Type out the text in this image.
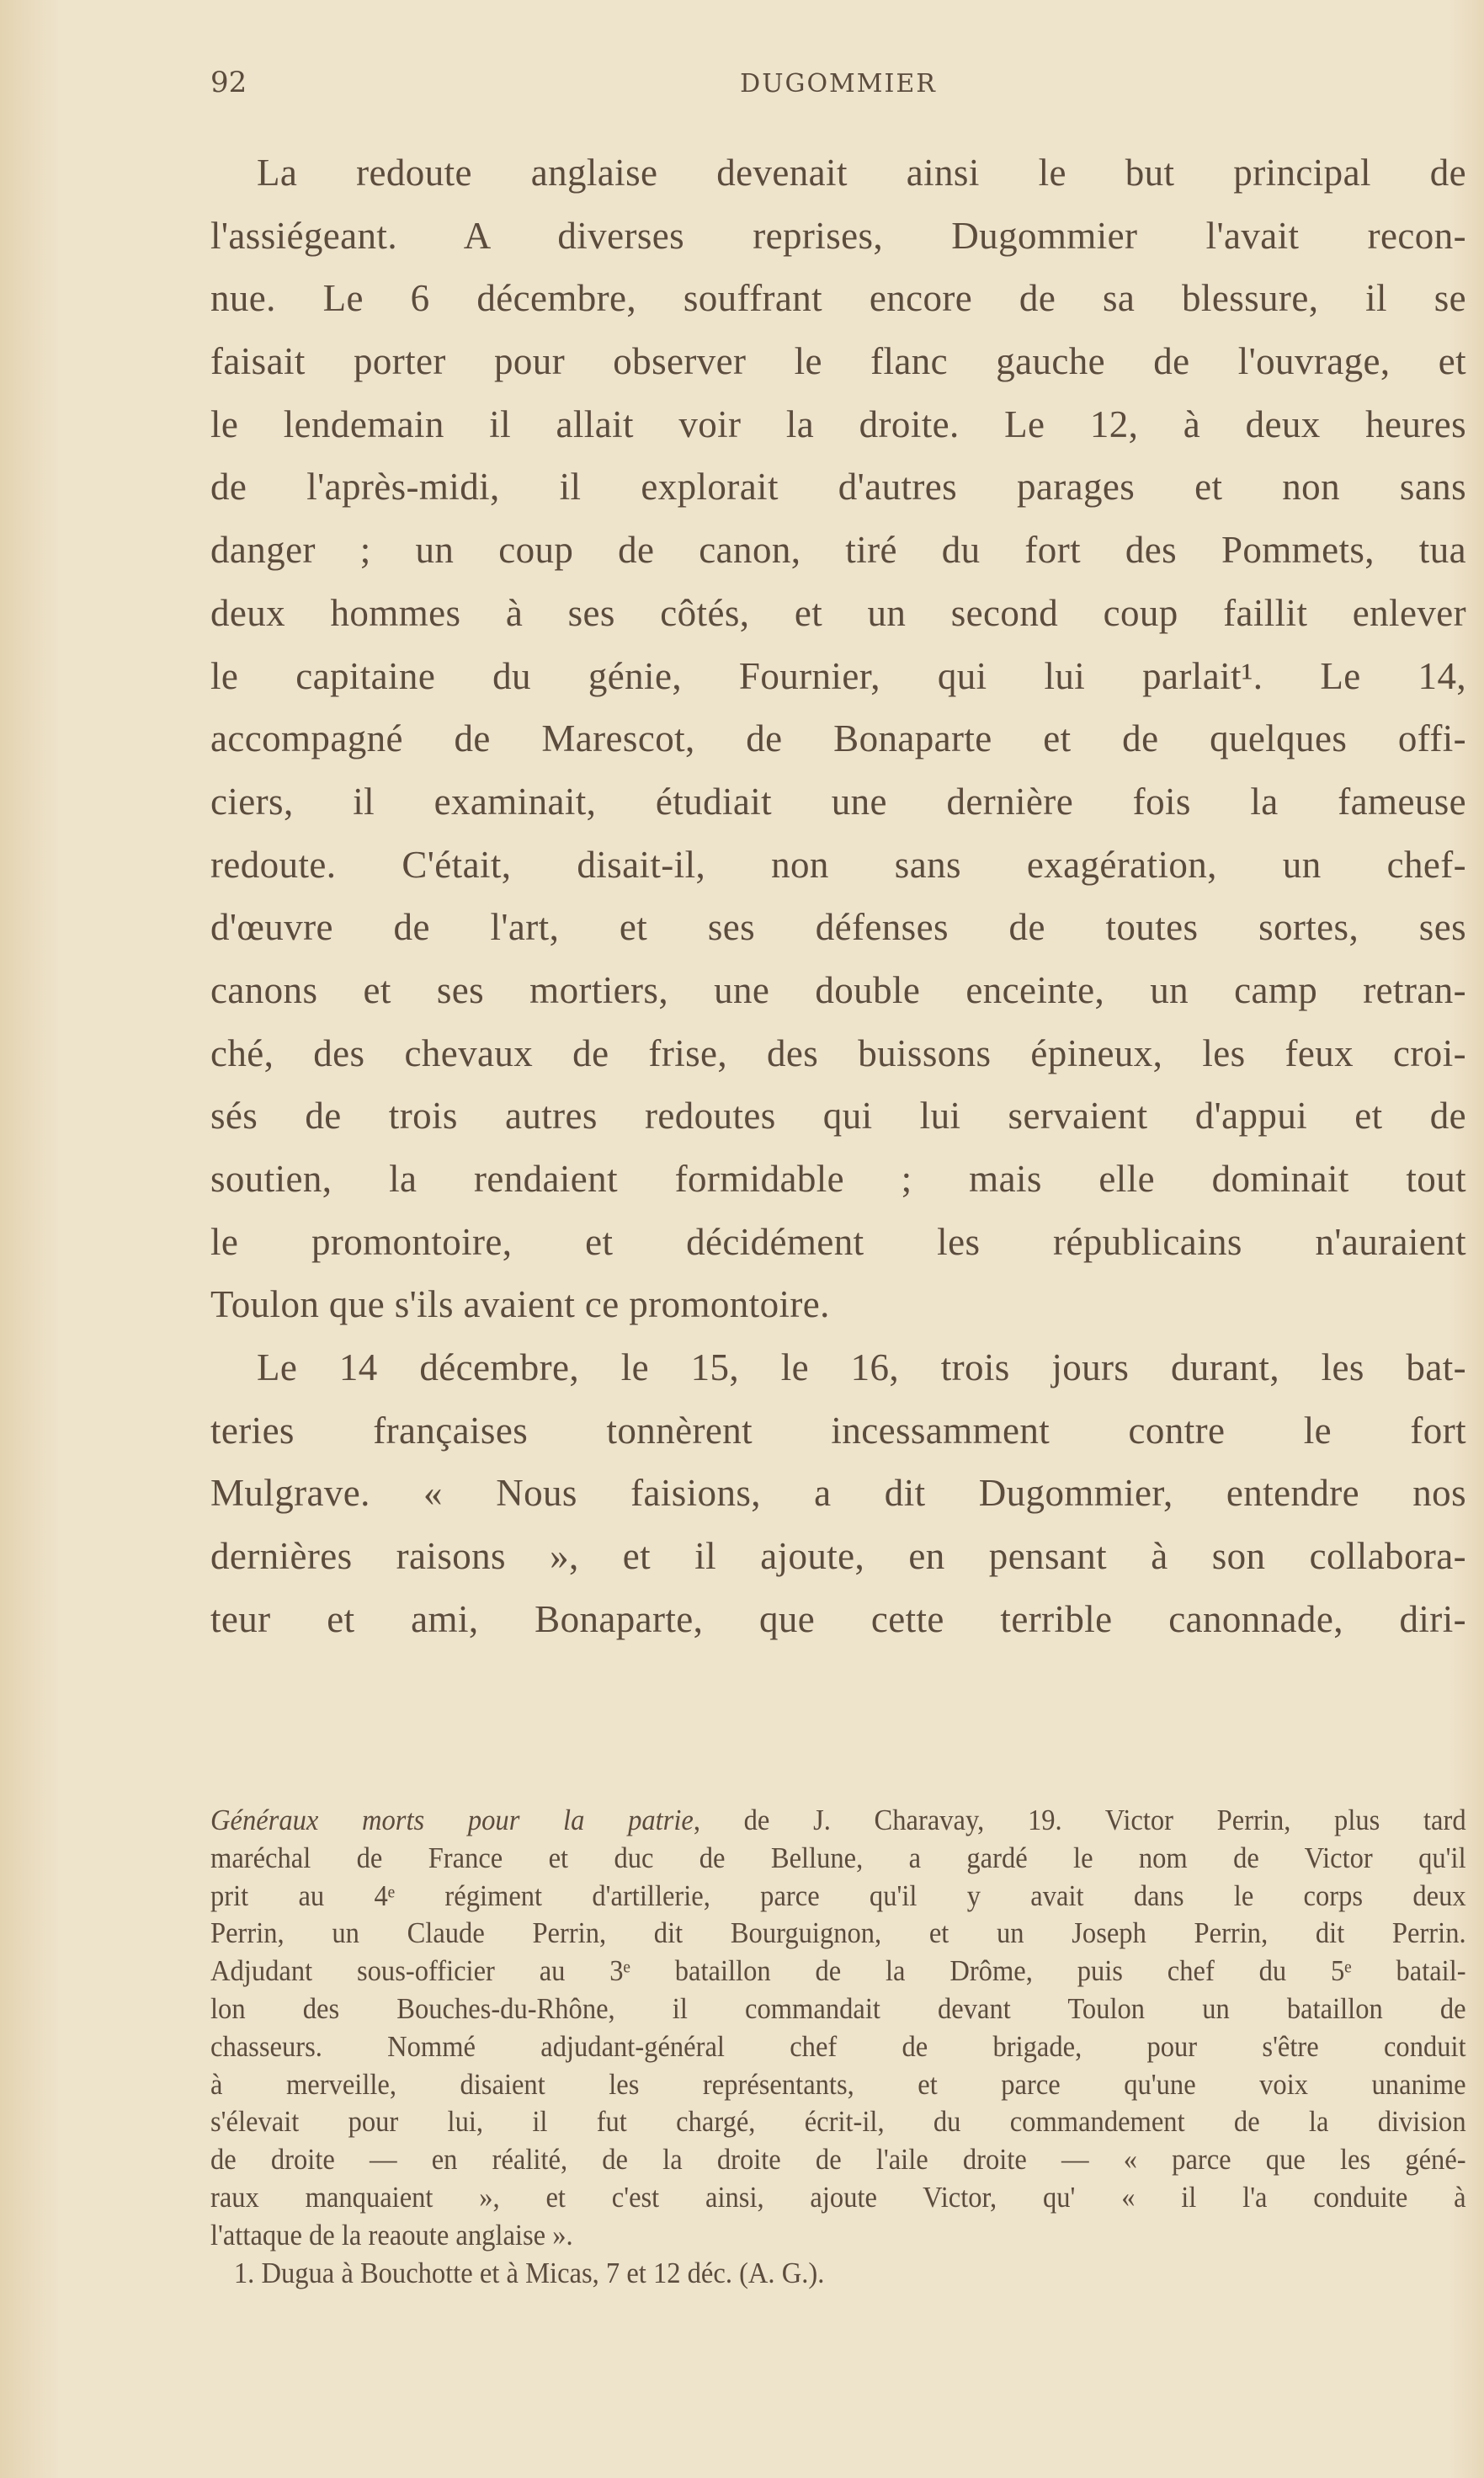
92	DUGOMMIER
La redoute anglaise devenait ainsi le but principal de
l'assiégeant. A diverses reprises, Dugommier l'avait recon-
nue. Le 6 décembre, souffrant encore de sa blessure, il se
faisait porter pour observer le flanc gauche de l'ouvrage, et
le lendemain il allait voir la droite. Le 12, à deux heures
de l'après-midi, il explorait d'autres parages et non sans
danger ; un coup de canon, tiré du fort des Pommets, tua
deux hommes à ses côtés, et un second coup faillit enlever
le capitaine du génie, Fournier, qui lui parlait¹. Le 14,
accompagné de Marescot, de Bonaparte et de quelques offi-
ciers, il examinait, étudiait une dernière fois la fameuse
redoute. C'était, disait-il, non sans exagération, un chef-
d'œuvre de l'art, et ses défenses de toutes sortes, ses
canons et ses mortiers, une double enceinte, un camp retran-
ché, des chevaux de frise, des buissons épineux, les feux croi-
sés de trois autres redoutes qui lui servaient d'appui et de
soutien, la rendaient formidable ; mais elle dominait tout
le promontoire, et décidément les républicains n'auraient
Toulon que s'ils avaient ce promontoire.
Le 14 décembre, le 15, le 16, trois jours durant, les bat-
teries françaises tonnèrent incessamment contre le fort
Mulgrave. « Nous faisions, a dit Dugommier, entendre nos
dernières raisons », et il ajoute, en pensant à son collabora-
teur et ami, Bonaparte, que cette terrible canonnade, diri-
Généraux morts pour la patrie, de J. Charavay, 19. Victor Perrin, plus tard
maréchal de France et duc de Bellune, a gardé le nom de Victor qu'il
prit au 4ᵉ régiment d'artillerie, parce qu'il y avait dans le corps deux
Perrin, un Claude Perrin, dit Bourguignon, et un Joseph Perrin, dit Perrin.
Adjudant sous-officier au 3ᵉ bataillon de la Drôme, puis chef du 5ᵉ batail-
lon des Bouches-du-Rhône, il commandait devant Toulon un bataillon de
chasseurs. Nommé adjudant-général chef de brigade, pour s'être conduit
à merveille, disaient les représentants, et parce qu'une voix unanime
s'élevait pour lui, il fut chargé, écrit-il, du commandement de la division
de droite — en réalité, de la droite de l'aile droite — « parce que les géné-
raux manquaient », et c'est ainsi, ajoute Victor, qu' « il l'a conduite à
l'attaque de la reaoute anglaise ».
1. Dugua à Bouchotte et à Micas, 7 et 12 déc. (A. G.).
